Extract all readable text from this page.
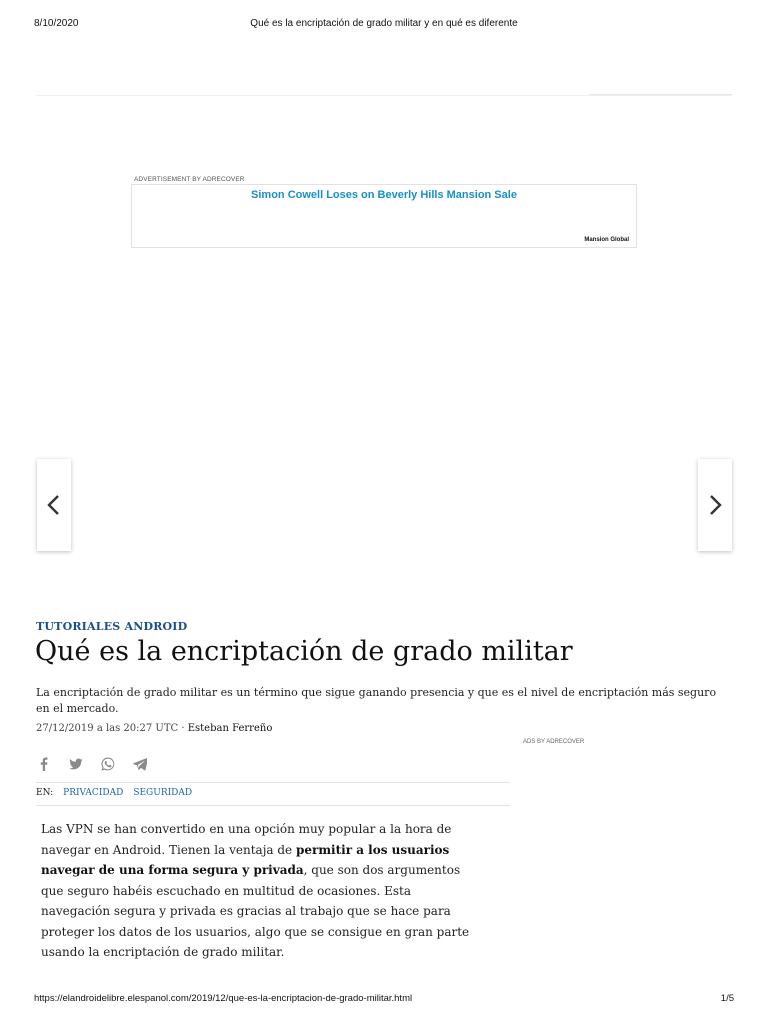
8/10/2020	Qué es la encriptación de grado militar y en qué es diferente
ADVERTISEMENT BY ADRECOVER
Simon Cowell Loses on Beverly Hills Mansion Sale
Mansion Global
TUTORIALES ANDROID
Qué es la encriptación de grado militar
La encriptación de grado militar es un término que sigue ganando presencia y que es el nivel de encriptación más seguro en el mercado.
27/12/2019 a las 20:27 UTC · Esteban Ferreño
ADS BY ADRECOVER
EN: PRIVACIDAD SEGURIDAD
Las VPN se han convertido en una opción muy popular a la hora de navegar en Android. Tienen la ventaja de permitir a los usuarios navegar de una forma segura y privada, que son dos argumentos que seguro habéis escuchado en multitud de ocasiones. Esta navegación segura y privada es gracias al trabajo que se hace para proteger los datos de los usuarios, algo que se consigue en gran parte usando la encriptación de grado militar.
https://elandroidelibre.elespanol.com/2019/12/que-es-la-encriptacion-de-grado-militar.html	1/5
